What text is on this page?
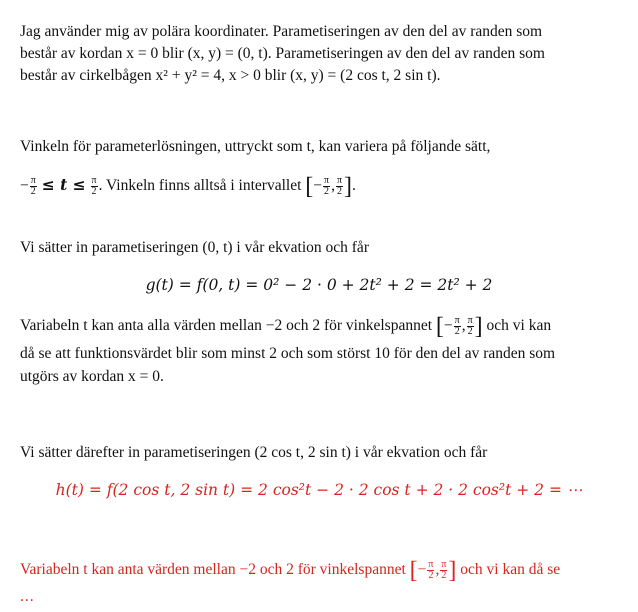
Jag använder mig av polära koordinater. Parametiseringen av den del av randen som
består av kordan x = 0 blir (x, y) = (0, t). Parametiseringen av den del av randen som
består av cirkelbågen x² + y² = 4, x > 0 blir (x, y) = (2 cos t, 2 sin t).
Vinkeln för parameterlösningen, uttryckt som t, kan variera på följande sätt,
− $\frac{\pi}{2} \le t \le \frac{\pi}{2}$ . Vinkeln finns alltså i intervallet [− $\frac{\pi}{2}$ , $\frac{\pi}{2}$ ].
Vi sätter in parametiseringen (0, t) i vår ekvation och får
g(t) = f(0, t) = 0² − 2 · 0 + 2t² + 2 = 2t² + 2
Variabeln t kan anta alla värden mellan −2 och 2 för vinkelspannet [− $\frac{\pi}{2}$ , $\frac{\pi}{2}$ ] och vi kan
då se att funktionsvärdet blir som minst 2 och som störst 10 för den del av randen som
utgörs av kordan x = 0.
Vi sätter därefter in parametiseringen (2 cos t, 2 sin t) i vår ekvation och får
h(t) = f(2 cos t, 2 sin t) = 2 cos²t − 2 · 2 cos t + 2 · 2 cos²t + 2 = ⋯
Variabeln t kan anta värden mellan −2 och 2 för vinkelspannet [− $\frac{\pi}{2}$ , $\frac{\pi}{2}$ ] och vi kan då se
...
